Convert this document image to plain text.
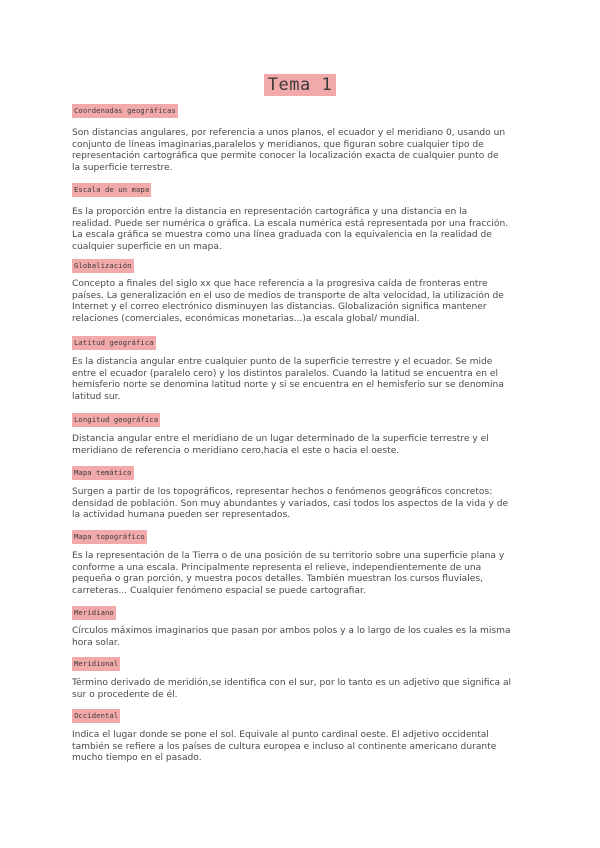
Tema 1
Coordenadas geográficas

Son distancias angulares, por referencia a unos planos, el ecuador y el meridiano 0, usando un
conjunto de líneas imaginarias,paralelos y meridianos, que figuran sobre cualquier tipo de
representación cartográfica que permite conocer la localización exacta de cualquier punto de
la superficie terrestre.

Escala de un mapa

Es la proporción entre la distancia en representación cartográfica y una distancia en la
realidad. Puede ser numérica o gráfica. La escala numérica está representada por una fracción.
La escala gráfica se muestra como una línea graduada con la equivalencia en la realidad de
cualquier superficie en un mapa.

Globalización

Concepto a finales del siglo xx que hace referencia a la progresiva caída de fronteras entre
países. La generalización en el uso de medios de transporte de alta velocidad, la utilización de
Internet y el correo electrónico disminuyen las distancias. Globalización significa mantener
relaciones (comerciales, económicas monetarias...)a escala global/ mundial.

Latitud geográfica

Es la distancia angular entre cualquier punto de la superficie terrestre y el ecuador. Se mide
entre el ecuador (paralelo cero) y los distintos paralelos. Cuando la latitud se encuentra en el
hemisferio norte se denomina latitud norte y si se encuentra en el hemisferio sur se denomina
latitud sur.

Longitud geográfica

Distancia angular entre el meridiano de un lugar determinado de la superficie terrestre y el
meridiano de referencia o meridiano cero,hacia el este o hacia el oeste.

Mapa temático

Surgen a partir de los topográficos, representar hechos o fenómenos geográficos concretos:
densidad de población. Son muy abundantes y variados, casi todos los aspectos de la vida y de
la actividad humana pueden ser representados.

Mapa topográfico

Es la representación de la Tierra o de una posición de su territorio sobre una superficie plana y
conforme a una escala. Principalmente representa el relieve, independientemente de una
pequeña o gran porción, y muestra pocos detalles. También muestran los cursos fluviales,
carreteras... Cualquier fenómeno espacial se puede cartografiar.

Meridiano

Círculos máximos imaginarios que pasan por ambos polos y a lo largo de los cuales es la misma
hora solar.

Meridional

Término derivado de meridión,se identifica con el sur, por lo tanto es un adjetivo que significa al
sur o procedente de él.

Occidental

Indica el lugar donde se pone el sol. Equivale al punto cardinal oeste. El adjetivo occidental
también se refiere a los países de cultura europea e incluso al continente americano durante
mucho tiempo en el pasado.
